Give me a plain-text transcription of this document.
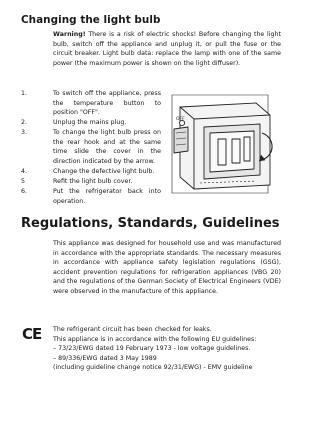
Changing the light bulb

Warning! There is a risk of electric shocks! Before changing the light bulb, switch off the appliance and unplug it, or pull the fuse or the circuit breaker. Light bulb data: replace the lamp with one of the same power (the maximum power is shown on the light diffuser).

1.	To switch off the appliance, press the temperature button to position "OFF".
2.	Unplug the mains plug.
3.	To change the light bulb press on the rear hook and at the same time slide the cover in the direction indicated by the arrow.
4.	Change the defective light bulb.
5	Refit the light bulb cover.
6.	Put the refrigerator back into operation.
OFF
Regulations, Standards, Guidelines

This appliance was designed for household use and was manufactured in accordance with the appropriate standards. The necessary measures in accordance with appliance safety legislation regulations (GSG), accident prevention regulations for refrigeration appliances (VBG 20) and the regulations of the German Society of Electrical Engineers (VDE) were observed in the manufacture of this appliance.

CE The refrigerant circuit has been checked for leaks.

This appliance is in accordance with the following EU guidelines:

– 73/23/EWG dated 19 February 1973 - low voltage guidelines.

– 89/336/EWG dated 3 May 1989

(including guideline change notice 92/31/EWG) - EMV guideline
